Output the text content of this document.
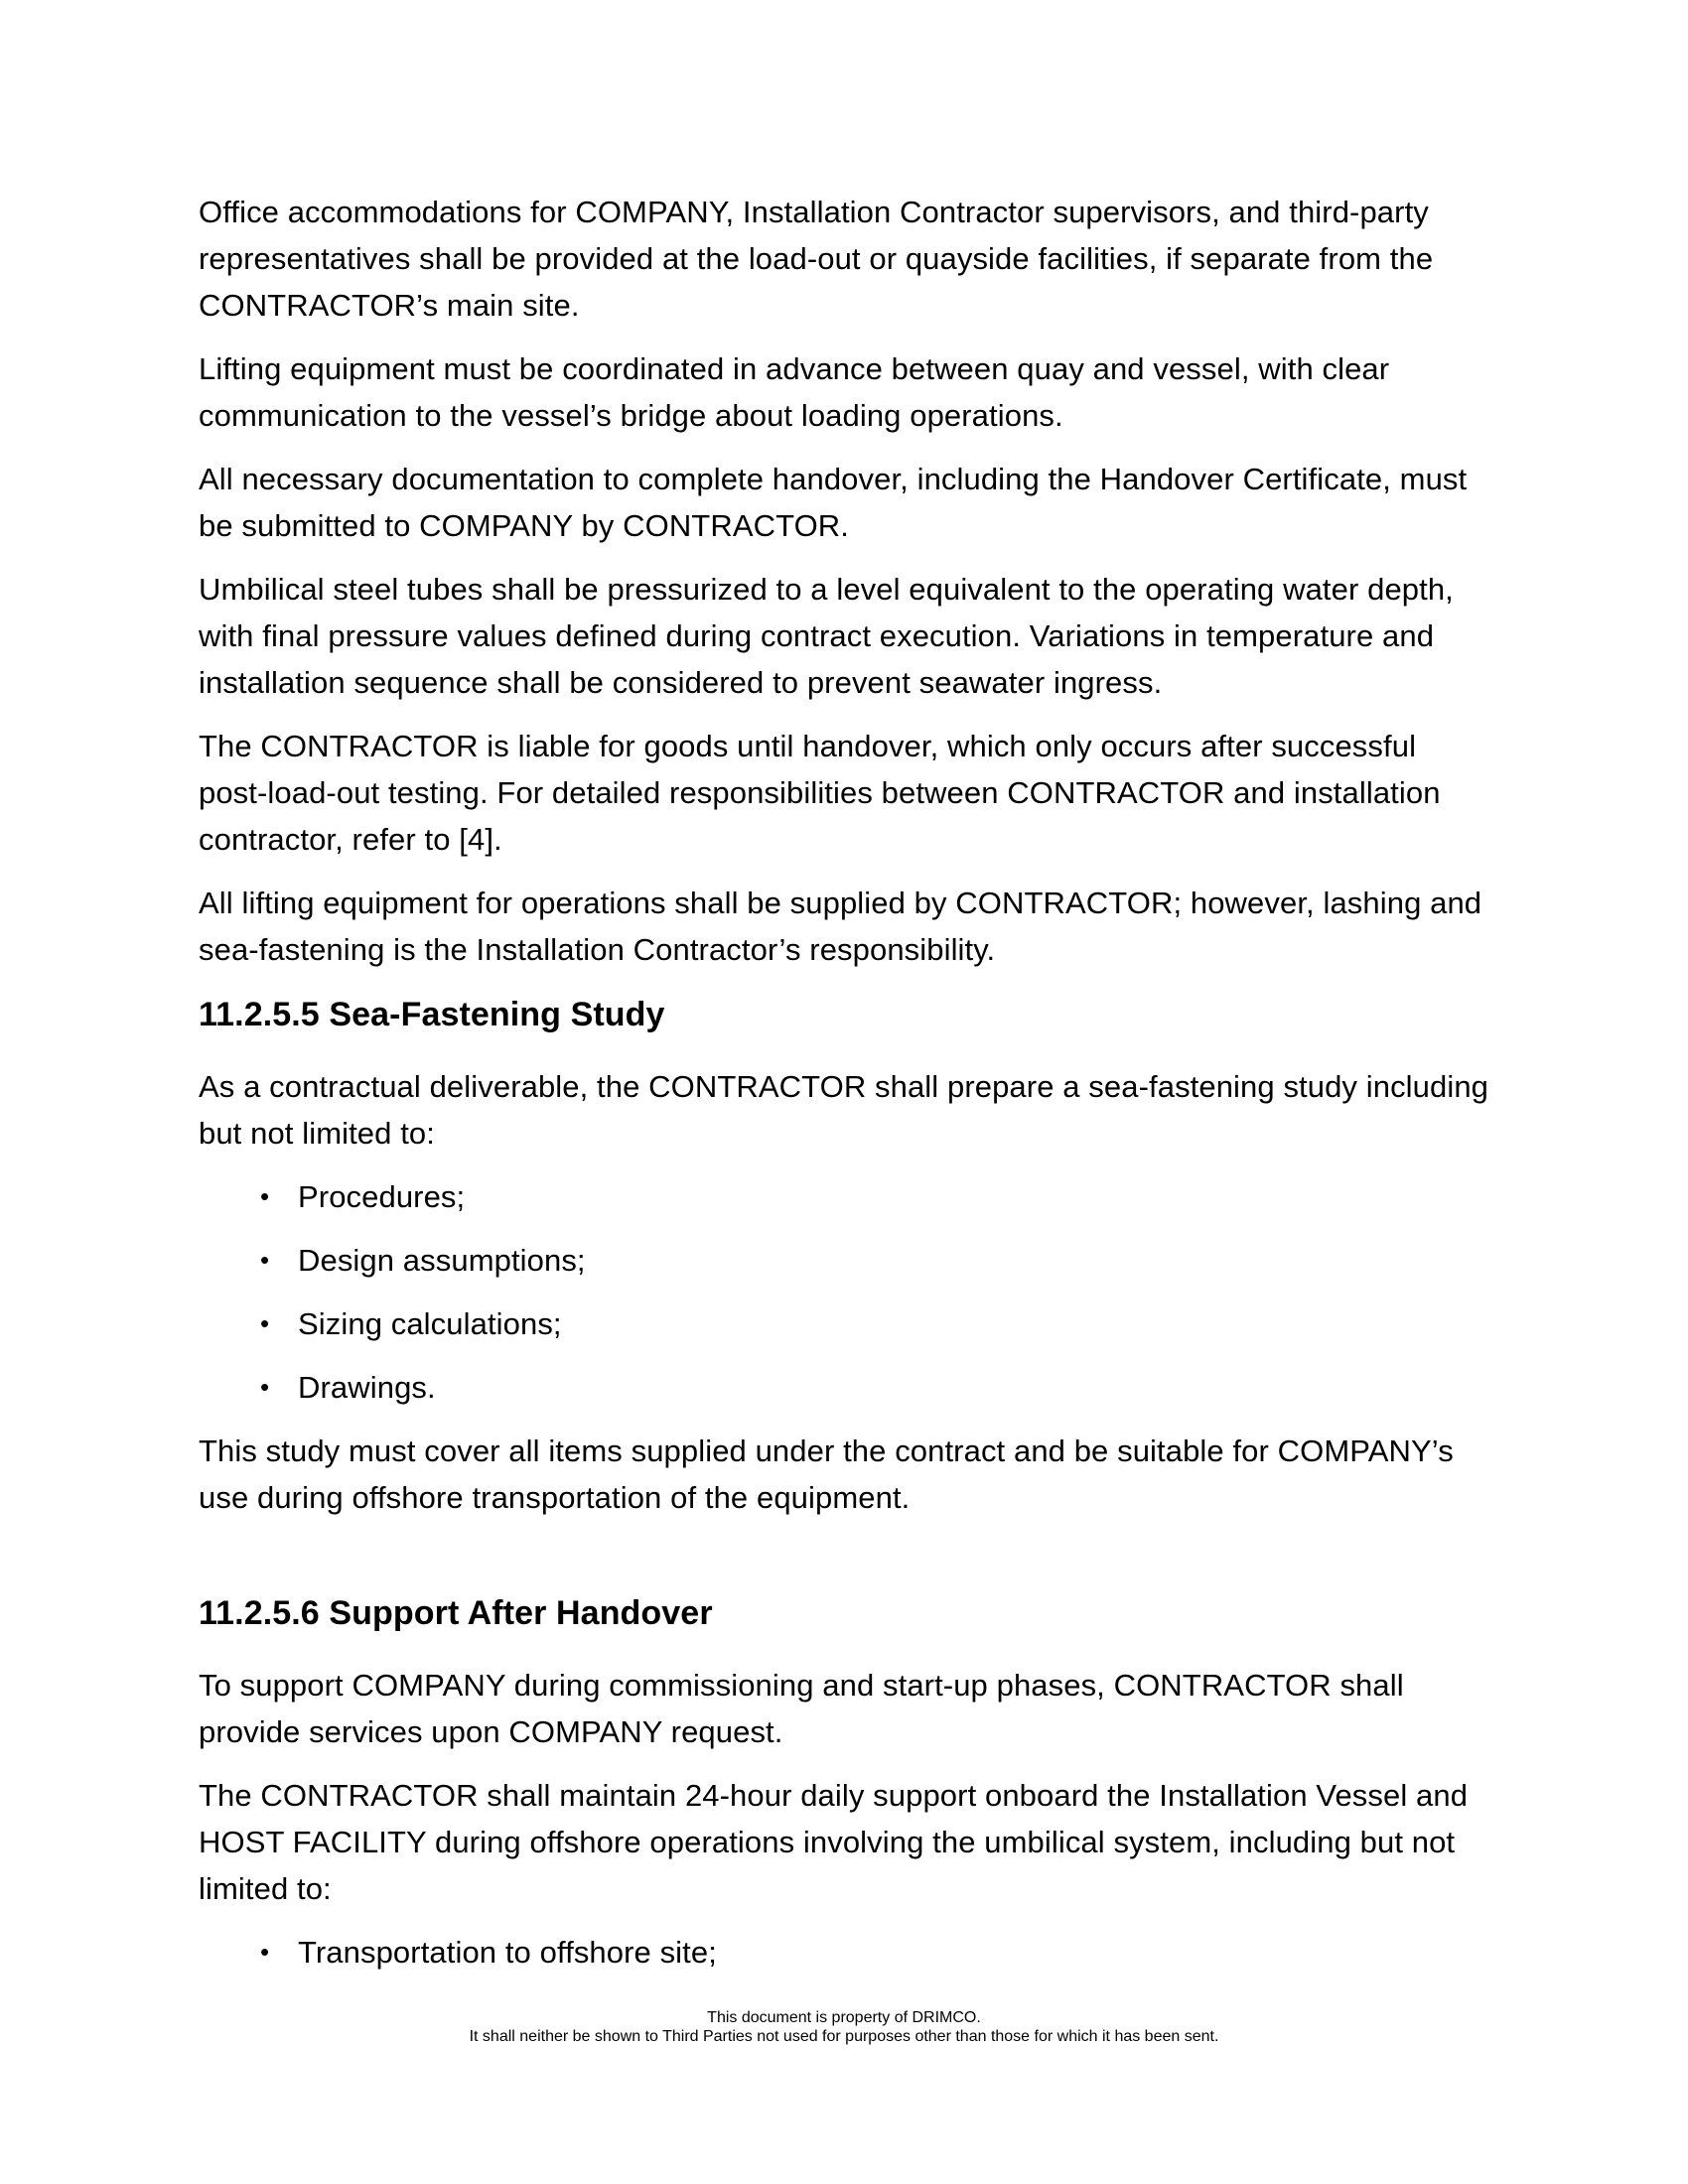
Office accommodations for COMPANY, Installation Contractor supervisors, and third-party representatives shall be provided at the load-out or quayside facilities, if separate from the CONTRACTOR’s main site.

Lifting equipment must be coordinated in advance between quay and vessel, with clear communication to the vessel’s bridge about loading operations.

All necessary documentation to complete handover, including the Handover Certificate, must be submitted to COMPANY by CONTRACTOR.

Umbilical steel tubes shall be pressurized to a level equivalent to the operating water depth, with final pressure values defined during contract execution. Variations in temperature and installation sequence shall be considered to prevent seawater ingress.

The CONTRACTOR is liable for goods until handover, which only occurs after successful post-load-out testing. For detailed responsibilities between CONTRACTOR and installation contractor, refer to [4].

All lifting equipment for operations shall be supplied by CONTRACTOR; however, lashing and sea-fastening is the Installation Contractor’s responsibility.

11.2.5.5 Sea-Fastening Study

As a contractual deliverable, the CONTRACTOR shall prepare a sea-fastening study including but not limited to:

• Procedures;
• Design assumptions;
• Sizing calculations;
• Drawings.

This study must cover all items supplied under the contract and be suitable for COMPANY’s use during offshore transportation of the equipment.

11.2.5.6 Support After Handover

To support COMPANY during commissioning and start-up phases, CONTRACTOR shall provide services upon COMPANY request.

The CONTRACTOR shall maintain 24-hour daily support onboard the Installation Vessel and HOST FACILITY during offshore operations involving the umbilical system, including but not limited to:

• Transportation to offshore site;
This document is property of DRIMCO.
It shall neither be shown to Third Parties not used for purposes other than those for which it has been sent.
